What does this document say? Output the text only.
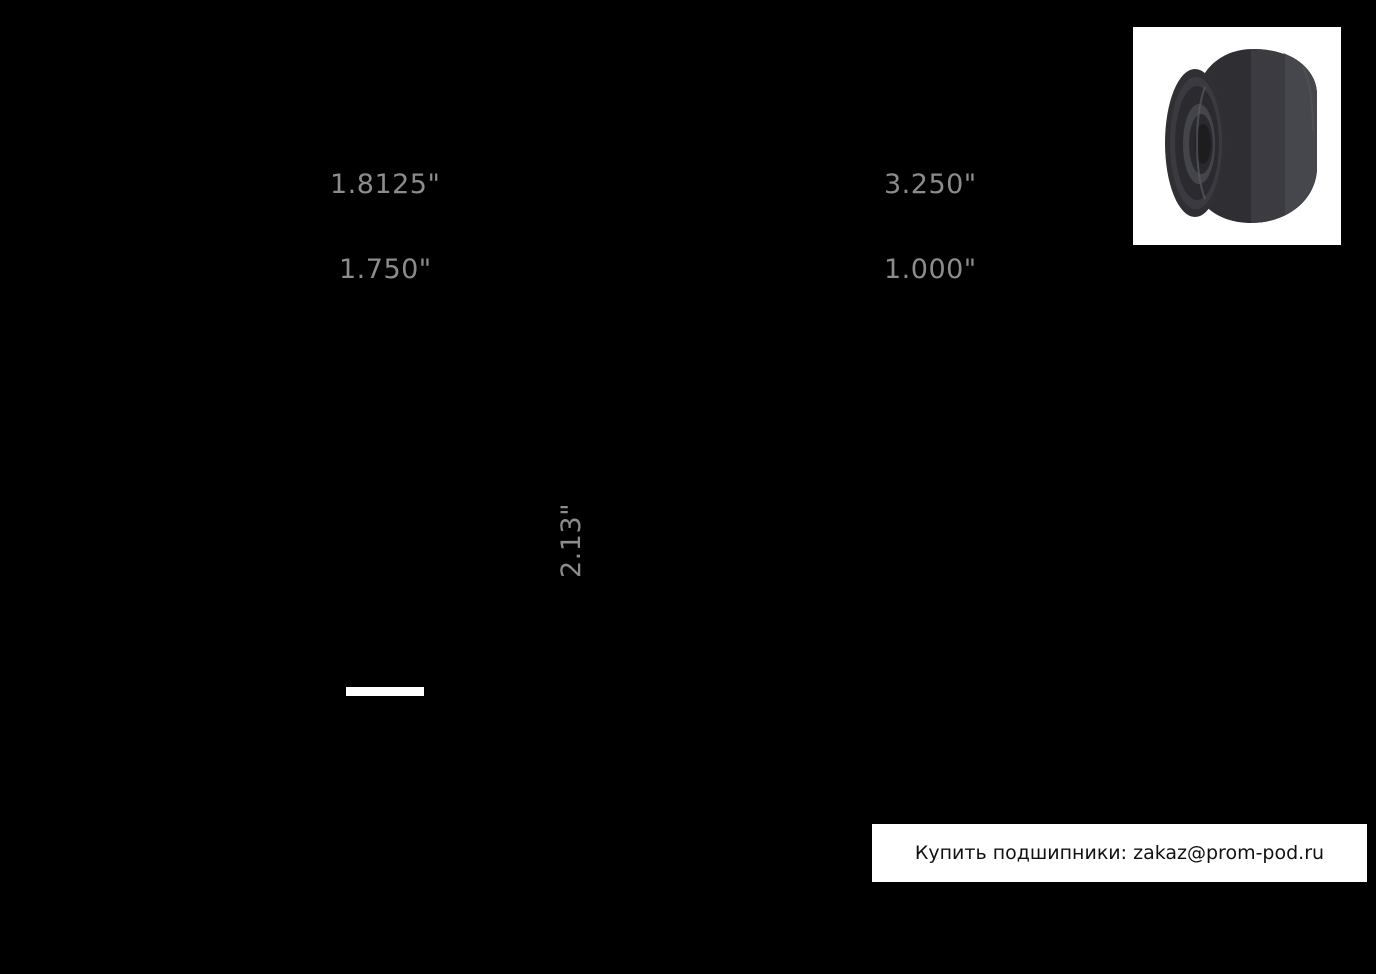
1.8125"	3.250"
1.750"	1.000"
2.13"
Купить подшипники: zakaz@prom-pod.ru
